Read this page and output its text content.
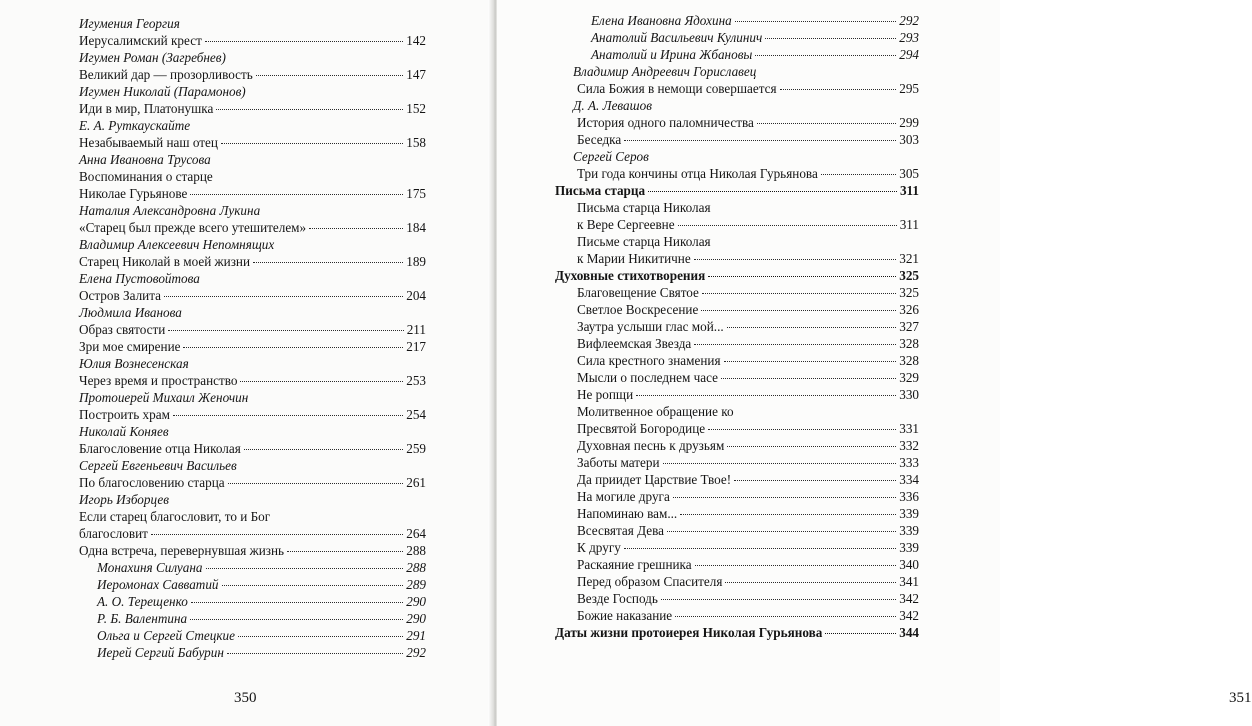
Игумения Георгия
Иерусалимский крест	142
Игумен Роман (Загребнев)
Великий дар — прозорливость	147
Игумен Николай (Парамонов)
Иди в мир, Платонушка	152
Е. А. Руткаускайте
Незабываемый наш отец	158
Анна Ивановна Трусова
Воспоминания о старце
Николае Гурьянове	175
Наталия Александровна Лукина
«Старец был прежде всего утешителем»	184
Владимир Алексеевич Непомнящих
Старец Николай в моей жизни	189
Елена Пустовойтова
Остров Залита	204
Людмила Иванова
Образ святости	211
Зри мое смирение	217
Юлия Вознесенская
Через время и пространство	253
Протоиерей Михаил Женочин
Построить храм	254
Николай Коняев
Благословение отца Николая	259
Сергей Евгеньевич Васильев
По благословению старца	261
Игорь Изборцев
Если старец благословит, то и Бог
благословит	264
Одна встреча, перевернувшая жизнь	288
Монахиня Силуана	288
Иеромонах Савватий	289
А. О. Терещенко	290
Р. Б. Валентина	290
Ольга и Сергей Стецкие	291
Иерей Сергий Бабурин	292
350
Елена Ивановна Ядохина	292
Анатолий Васильевич Кулинич	293
Анатолий и Ирина Жбановы	294
Владимир Андреевич Гориславец
Сила Божия в немощи совершается	295
Д. А. Левашов
История одного паломничества	299
Беседка	303
Сергей Серов
Три года кончины отца Николая Гурьянова	305
Письма старца	311
Письма старца Николая
к Вере Сергеевне	311
Письме старца Николая
к Марии Никитичне	321
Духовные стихотворения	325
Благовещение Святое	325
Светлое Воскресение	326
Заутра услыши глас мой...	327
Вифлеемская Звезда	328
Сила крестного знамения	328
Мысли о последнем часе	329
Не ропщи	330
Молитвенное обращение ко
Пресвятой Богородице	331
Духовная песнь к друзьям	332
Заботы матери	333
Да приидет Царствие Твое!	334
На могиле друга	336
Напоминаю вам...	339
Всесвятая Дева	339
К другу	339
Раскаяние грешника	340
Перед образом Спасителя	341
Везде Господь	342
Божие наказание	342
Даты жизни протоиерея Николая Гурьянова	344
351
